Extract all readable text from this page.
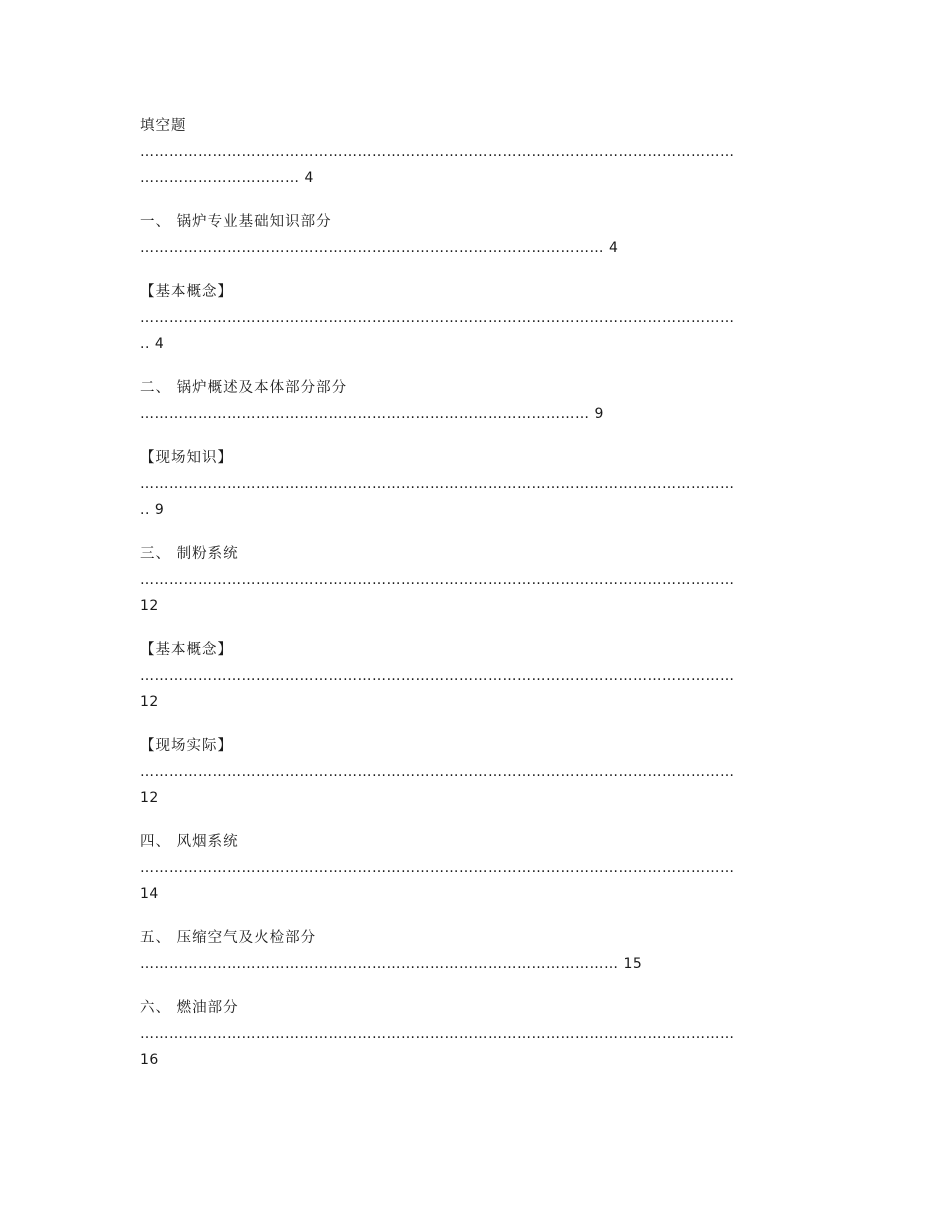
填空题

……………………………………………………………………………………………………………
…………………………… 4

一、 锅炉专业基础知识部分

…………………………………………………………………………………… 4

【基本概念】

……………………………………………………………………………………………………………
.. 4

二、 锅炉概述及本体部分部分

………………………………………………………………………………… 9

【现场知识】

……………………………………………………………………………………………………………
.. 9

三、 制粉系统

……………………………………………………………………………………………………………
12

【基本概念】

……………………………………………………………………………………………………………
12

【现场实际】

……………………………………………………………………………………………………………
12

四、 风烟系统

……………………………………………………………………………………………………………
14

五、 压缩空气及火检部分

……………………………………………………………………………………… 15

六、 燃油部分

……………………………………………………………………………………………………………
16
